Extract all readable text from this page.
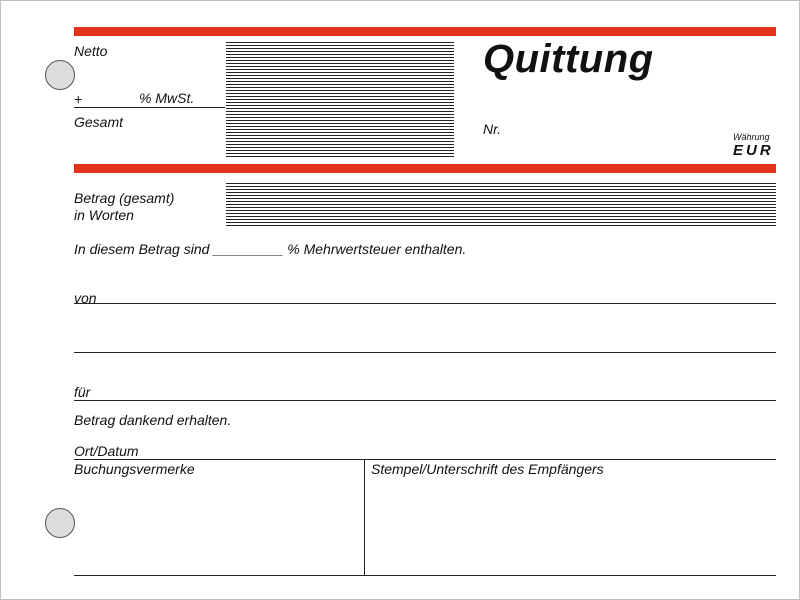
Netto
+	% MwSt.
Gesamt
Quittung
Nr.	Währung
EUR
Betrag (gesamt)
in Worten
In diesem Betrag sind _________ % Mehrwertsteuer enthalten.
von
für
Betrag dankend erhalten.
Ort/Datum
Buchungsvermerke	Stempel/Unterschrift des Empfängers
